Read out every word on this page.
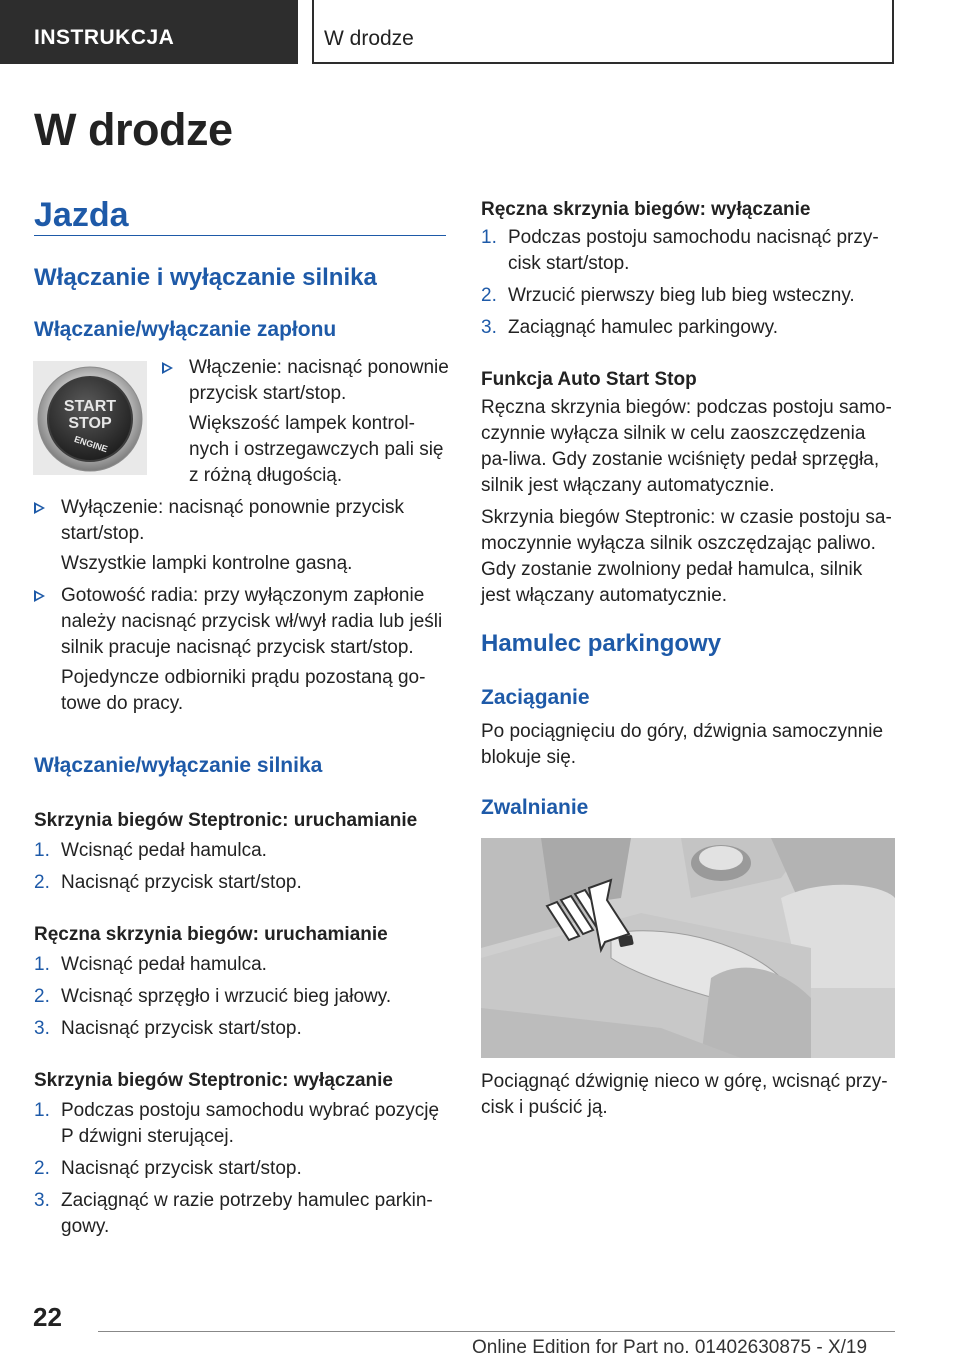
INSTRUKCJA	W drodze
W drodze
Jazda
Włączanie i wyłączanie silnika
Włączanie/wyłączanie zapłonu
Włączenie: nacisnąć ponownie przycisk start/stop.
Większość lampek kontrol-nych i ostrzegawczych pali się z różną długością.
Wyłączenie: nacisnąć ponownie przycisk start/stop.
Wszystkie lampki kontrolne gasną.
Gotowość radia: przy wyłączonym zapłonie należy nacisnąć przycisk wł/wył radia lub jeśli silnik pracuje nacisnąć przycisk start/stop.
Pojedyncze odbiorniki prądu pozostaną go-towe do pracy.
Włączanie/wyłączanie silnika

Skrzynia biegów Steptronic: uruchamianie

1. Wcisnąć pedał hamulca.
2. Nacisnąć przycisk start/stop.

Ręczna skrzynia biegów: uruchamianie

1. Wcisnąć pedał hamulca.
2. Wcisnąć sprzęgło i wrzucić bieg jałowy.
3. Nacisnąć przycisk start/stop.

Skrzynia biegów Steptronic: wyłączanie

1. Podczas postoju samochodu wybrać pozycję P dźwigni sterującej.
2. Nacisnąć przycisk start/stop.
3. Zaciągnąć w razie potrzeby hamulec parkin-gowy.
START
STOP
ENGINE

Ręczna skrzynia biegów: wyłączanie

1. Podczas postoju samochodu nacisnąć przy-cisk start/stop.
2. Wrzucić pierwszy bieg lub bieg wsteczny.
3. Zaciągnąć hamulec parkingowy.

Funkcja Auto Start Stop

Ręczna skrzynia biegów: podczas postoju samo-czynnie wyłącza silnik w celu zaoszczędzenia pa-liwa. Gdy zostanie wciśnięty pedał sprzęgła, silnik jest włączany automatycznie.

Skrzynia biegów Steptronic: w czasie postoju sa-moczynnie wyłącza silnik oszczędzając paliwo. Gdy zostanie zwolniony pedał hamulca, silnik jest włączany automatycznie.

Hamulec parkingowy
Zaciąganie

Po pociągnięciu do góry, dźwignia samoczynnie blokuje się.

Zwalnianie

Pociągnąć dźwignię nieco w górę, wcisnąć przy-cisk i puścić ją.

22
Online Edition for Part no. 01402630875 - X/19
